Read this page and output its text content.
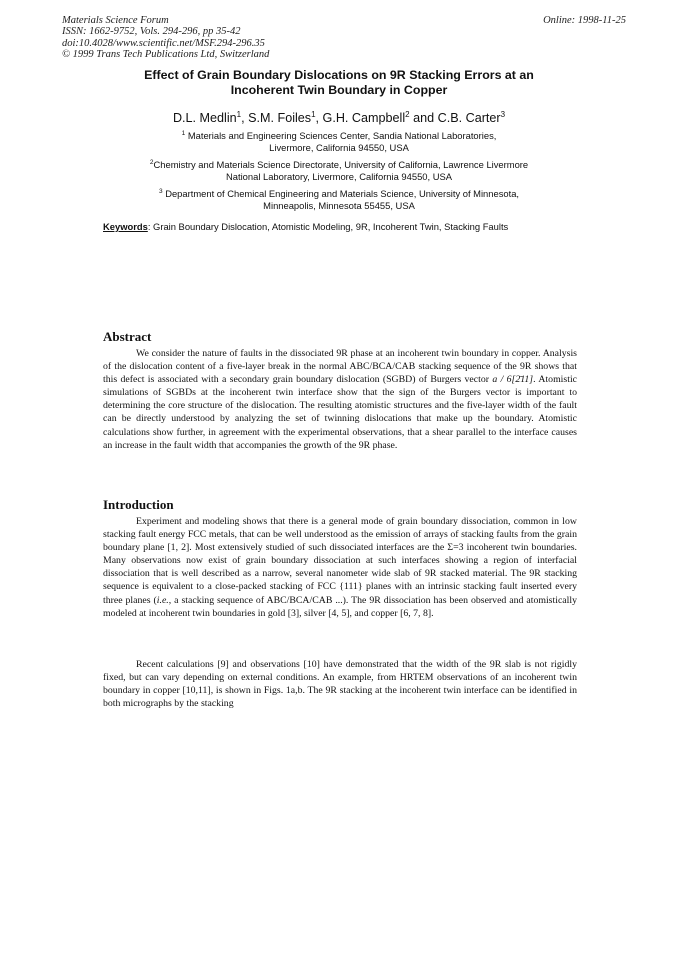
Materials Science Forum
ISSN: 1662-9752, Vols. 294-296, pp 35-42
doi:10.4028/www.scientific.net/MSF.294-296.35
© 1999 Trans Tech Publications Ltd, Switzerland
Online: 1998-11-25
Effect of Grain Boundary Dislocations on 9R Stacking Errors at an
Incoherent Twin Boundary in Copper
D.L. Medlin$^1$, S.M. Foiles$^1$, G.H. Campbell$^2$ and C.B. Carter$^3$
$^1$ Materials and Engineering Sciences Center, Sandia National Laboratories,
Livermore, California 94550, USA
$^2$Chemistry and Materials Science Directorate, University of California, Lawrence Livermore
National Laboratory, Livermore, California 94550, USA
$^3$ Department of Chemical Engineering and Materials Science, University of Minnesota,
Minneapolis, Minnesota 55455, USA
Keywords: Grain Boundary Dislocation, Atomistic Modeling, 9R, Incoherent Twin, Stacking Faults
Abstract

We consider the nature of faults in the dissociated 9R phase at an incoherent twin boundary in copper. Analysis of the dislocation content of a five-layer break in the normal ABC/BCA/CAB stacking sequence of the 9R shows that this defect is associated with a secondary grain boundary dislocation (SGBD) of Burgers vector a / 6[2̄11]. Atomistic simulations of SGBDs at the incoherent twin interface show that the sign of the Burgers vector is important to determining the core structure of the dislocation. The resulting atomistic structures and the five-layer width of the fault can be directly understood by analyzing the set of twinning dislocations that make up the boundary. Atomistic calculations show further, in agreement with the experimental observations, that a shear parallel to the interface causes an increase in the fault width that accompanies the growth of the 9R phase.

Introduction

Experiment and modeling shows that there is a general mode of grain boundary dissociation, common in low stacking fault energy FCC metals, that can be well understood as the emission of arrays of stacking faults from the grain boundary plane [1, 2]. Most extensively studied of such dissociated interfaces are the Σ=3 incoherent twin boundaries. Many observations now exist of grain boundary dissociation at such interfaces showing a region of interfacial dissociation that is well described as a narrow, several nanometer wide slab of 9R stacked material. The 9R stacking sequence is equivalent to a close-packed stacking of FCC {111} planes with an intrinsic stacking fault inserted every three planes (i.e., a stacking sequence of ABC/BCA/CAB ...). The 9R dissociation has been observed and atomistically modeled at incoherent twin boundaries in gold [3], silver [4, 5], and copper [6, 7, 8].

Recent calculations [9] and observations [10] have demonstrated that the width of the 9R slab is not rigidly fixed, but can vary depending on external conditions. An example, from HRTEM observations of an incoherent twin boundary in copper [10,11], is shown in Figs. 1a,b. The 9R stacking at the incoherent twin interface can be identified in both micrographs by the stacking
